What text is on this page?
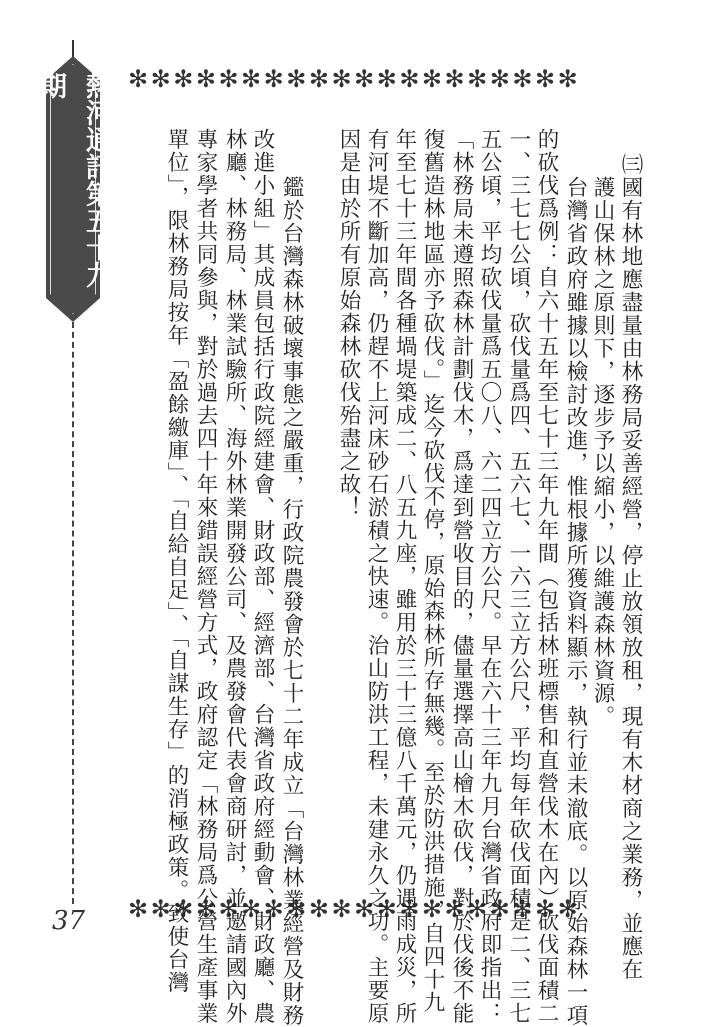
熱河通訊第五十九期
37
✻✻✻✻✻✻✻✻✻✻✻✻✻✻✻✻✻✻✻✻
✻✻✻✻✻✻✻✻✻✻✻✻✻✻✻✻✻✻✻✻	㈢國有林地應盡量由林務局妥善經營，停止放領放租，現有木材商之業務，並應在
　護山保林之原則下，逐步予以縮小，以維護森林資源。
　台灣省政府雖據以檢討改進，惟根據所獲資料顯示，執行並未澈底。以原始森林一項
的砍伐爲例：自六十五年至七十三年九年間（包括林班標售和直營伐木在內）砍伐面積二
一、三七七公頃，砍伐量爲四、五六七、一六三立方公尺，平均每年砍伐面積是二、三七
五公頃，平均砍伐量爲五〇八、六二四立方公尺。早在六十三年九月台灣省政府即指出：
「林務局未遵照森林計劃伐木，爲達到營收目的，儘量選擇高山檜木砍伐，對於伐後不能
復舊造林地區亦予砍伐。」迄今砍伐不停，原始森林所存無幾。至於防洪措施，自四十九
年至七十三年間各種堝堤築成二、八五九座，雖用於三十三億八千萬元，仍遇雨成災，所
有河堤不斷加高，仍趕不上河床砂石淤積之快速。治山防洪工程，未建永久之功。主要原
因是由於所有原始森林砍伐殆盡之故！
　鑑於台灣森林破壞事態之嚴重，行政院農發會於七十二年成立「台灣林業經營及財務
改進小組」其成員包括行政院經建會、財政部、經濟部、台灣省政府經動會、財政廳、農
林廳、林務局、林業試驗所、海外林業開發公司、及農發會代表會商研討，並邀請國內外
專家學者共同參與，對於過去四十年來錯誤經營方式，政府認定「林務局爲公營生產事業
單位」，限林務局按年「盈餘繳庫」、「自給自足」、「自謀生存」的消極政策。致使台灣
